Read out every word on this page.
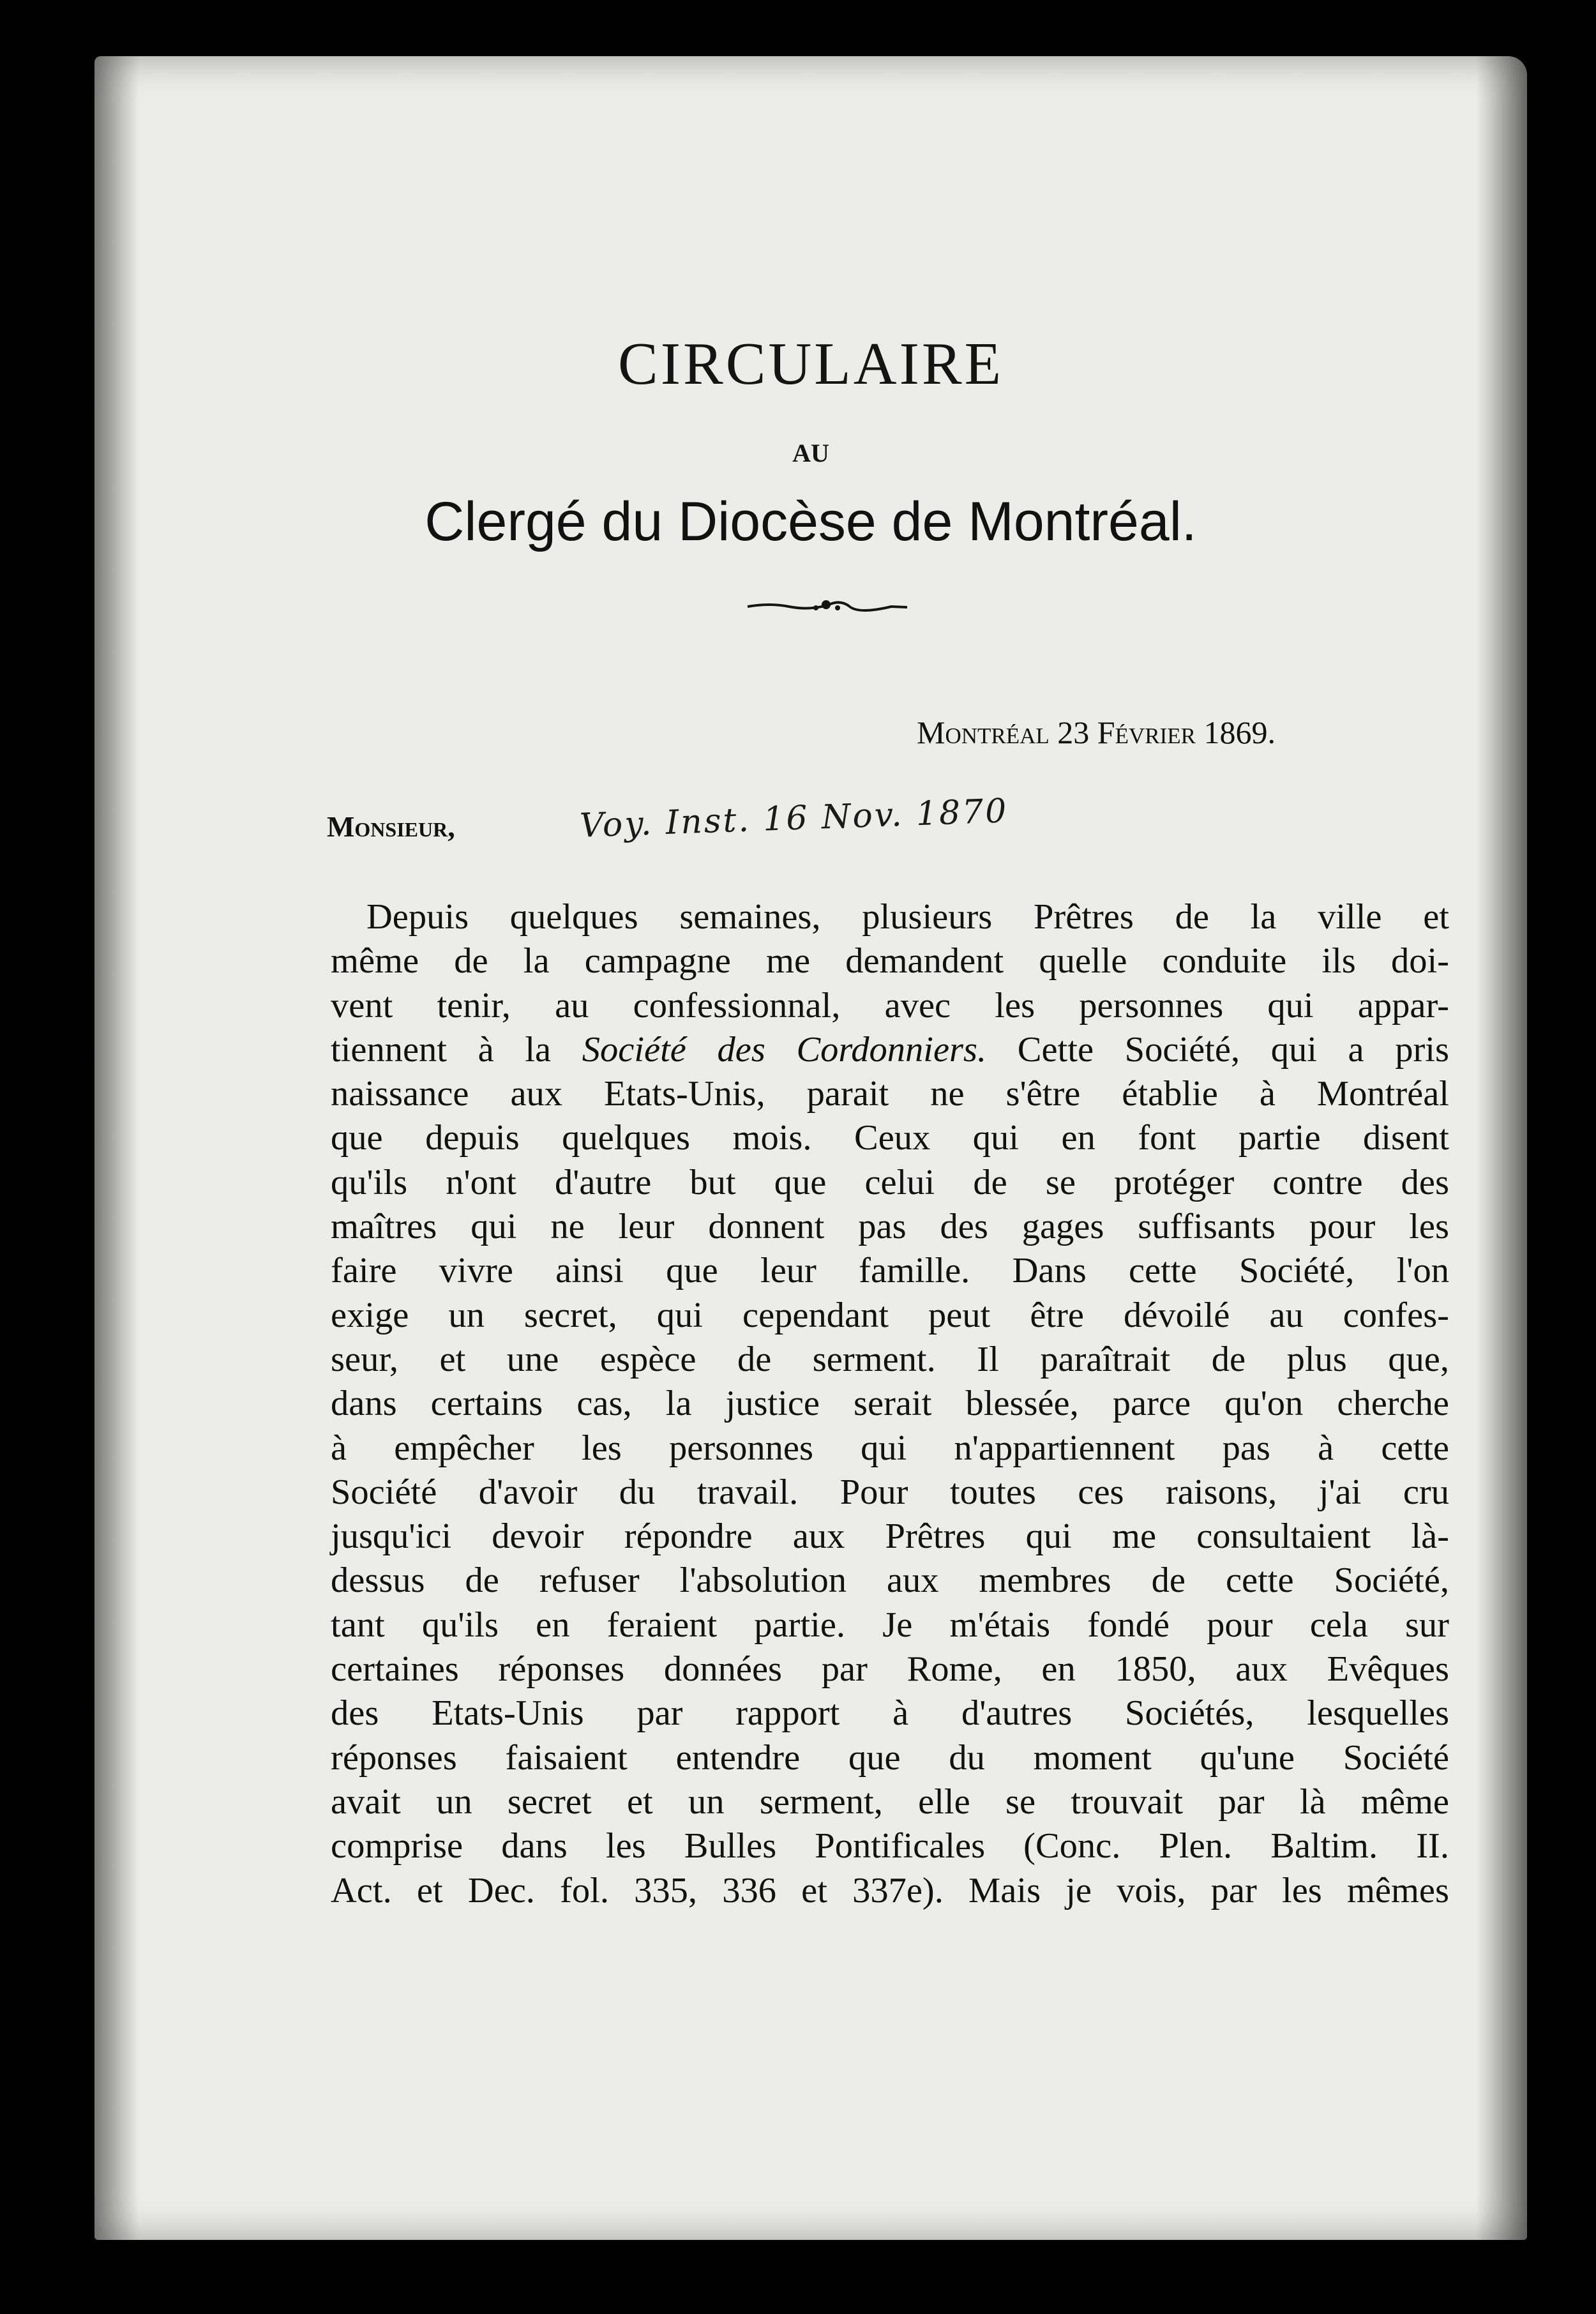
CIRCULAIRE
AU
Clergé du Diocèse de Montréal.
Montréal 23 Février 1869.
Monsieur,	Voy. Inst. 16 Nov. 1870
Depuis quelques semaines, plusieurs Prêtres de la ville et
même de la campagne me demandent quelle conduite ils doi-
vent tenir, au confessionnal, avec les personnes qui appar-
tiennent à la Société des Cordonniers. Cette Société, qui a pris
naissance aux Etats-Unis, parait ne s'être établie à Montréal
que depuis quelques mois. Ceux qui en font partie disent
qu'ils n'ont d'autre but que celui de se protéger contre des
maîtres qui ne leur donnent pas des gages suffisants pour les
faire vivre ainsi que leur famille. Dans cette Société, l'on
exige un secret, qui cependant peut être dévoilé au confes-
seur, et une espèce de serment. Il paraîtrait de plus que,
dans certains cas, la justice serait blessée, parce qu'on cherche
à empêcher les personnes qui n'appartiennent pas à cette
Société d'avoir du travail. Pour toutes ces raisons, j'ai cru
jusqu'ici devoir répondre aux Prêtres qui me consultaient là-
dessus de refuser l'absolution aux membres de cette Société,
tant qu'ils en feraient partie. Je m'étais fondé pour cela sur
certaines réponses données par Rome, en 1850, aux Evêques
des Etats-Unis par rapport à d'autres Sociétés, lesquelles
réponses faisaient entendre que du moment qu'une Société
avait un secret et un serment, elle se trouvait par là même
comprise dans les Bulles Pontificales (Conc. Plen. Baltim. II.
Act. et Dec. fol. 335, 336 et 337e). Mais je vois, par les mêmes
